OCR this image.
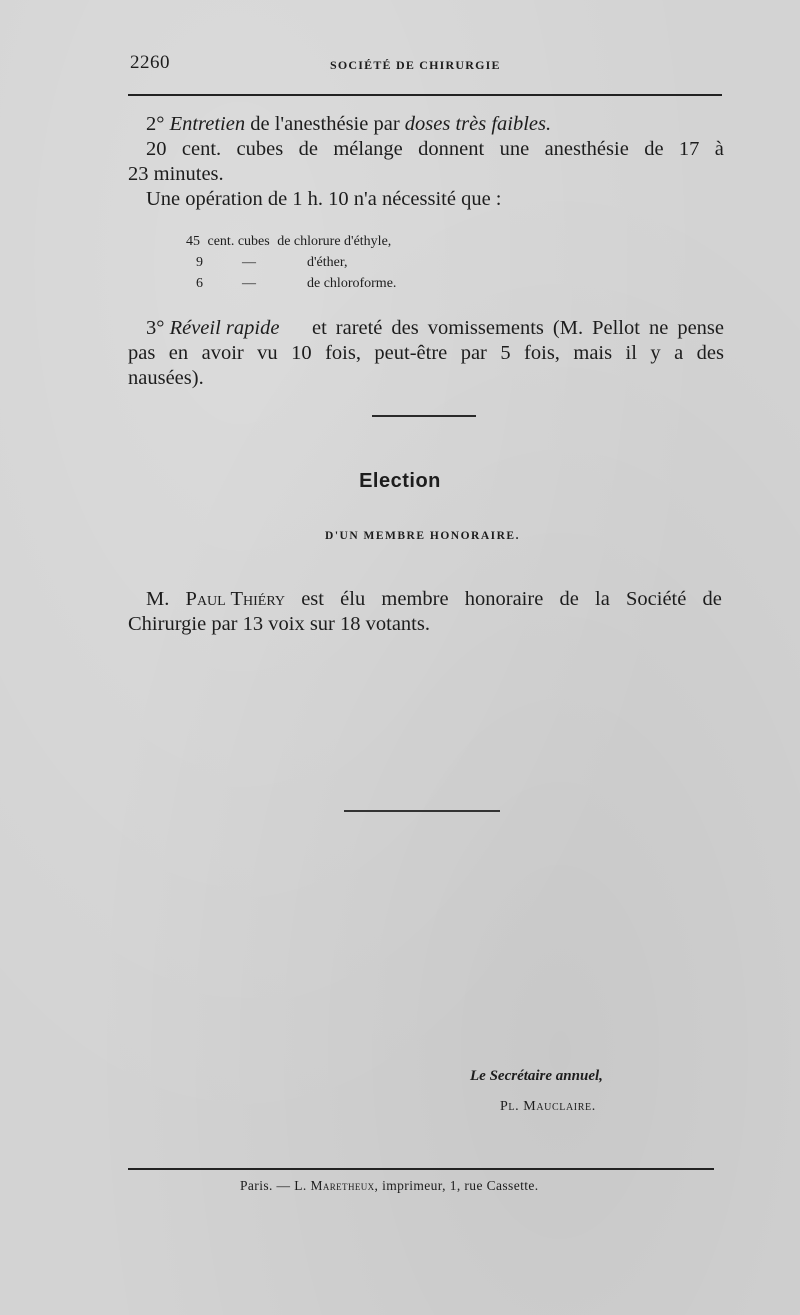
2260	SOCIÉTÉ DE CHIRURGIE
2° Entretien de l'anesthésie par doses très faibles.
20 cent. cubes de mélange donnent une anesthésie de 17 à
23 minutes.
Une opération de 1 h. 10 n'a nécessité que :
45 cent. cubes de chlorure d'éthyle,
9	—	d'éther,
6	—	de chloroforme.
3° Réveil rapide et rareté des vomissements (M. Pellot ne pense
pas en avoir vu 10 fois, peut-être par 5 fois, mais il y a des
nausées).
Election
D'UN MEMBRE HONORAIRE.
M. Paul Thiéry est élu membre honoraire de la Société de
Chirurgie par 13 voix sur 18 votants.
Le Secrétaire annuel,
Pl. Mauclaire.
Paris. — L. Maretheux, imprimeur, 1, rue Cassette.
